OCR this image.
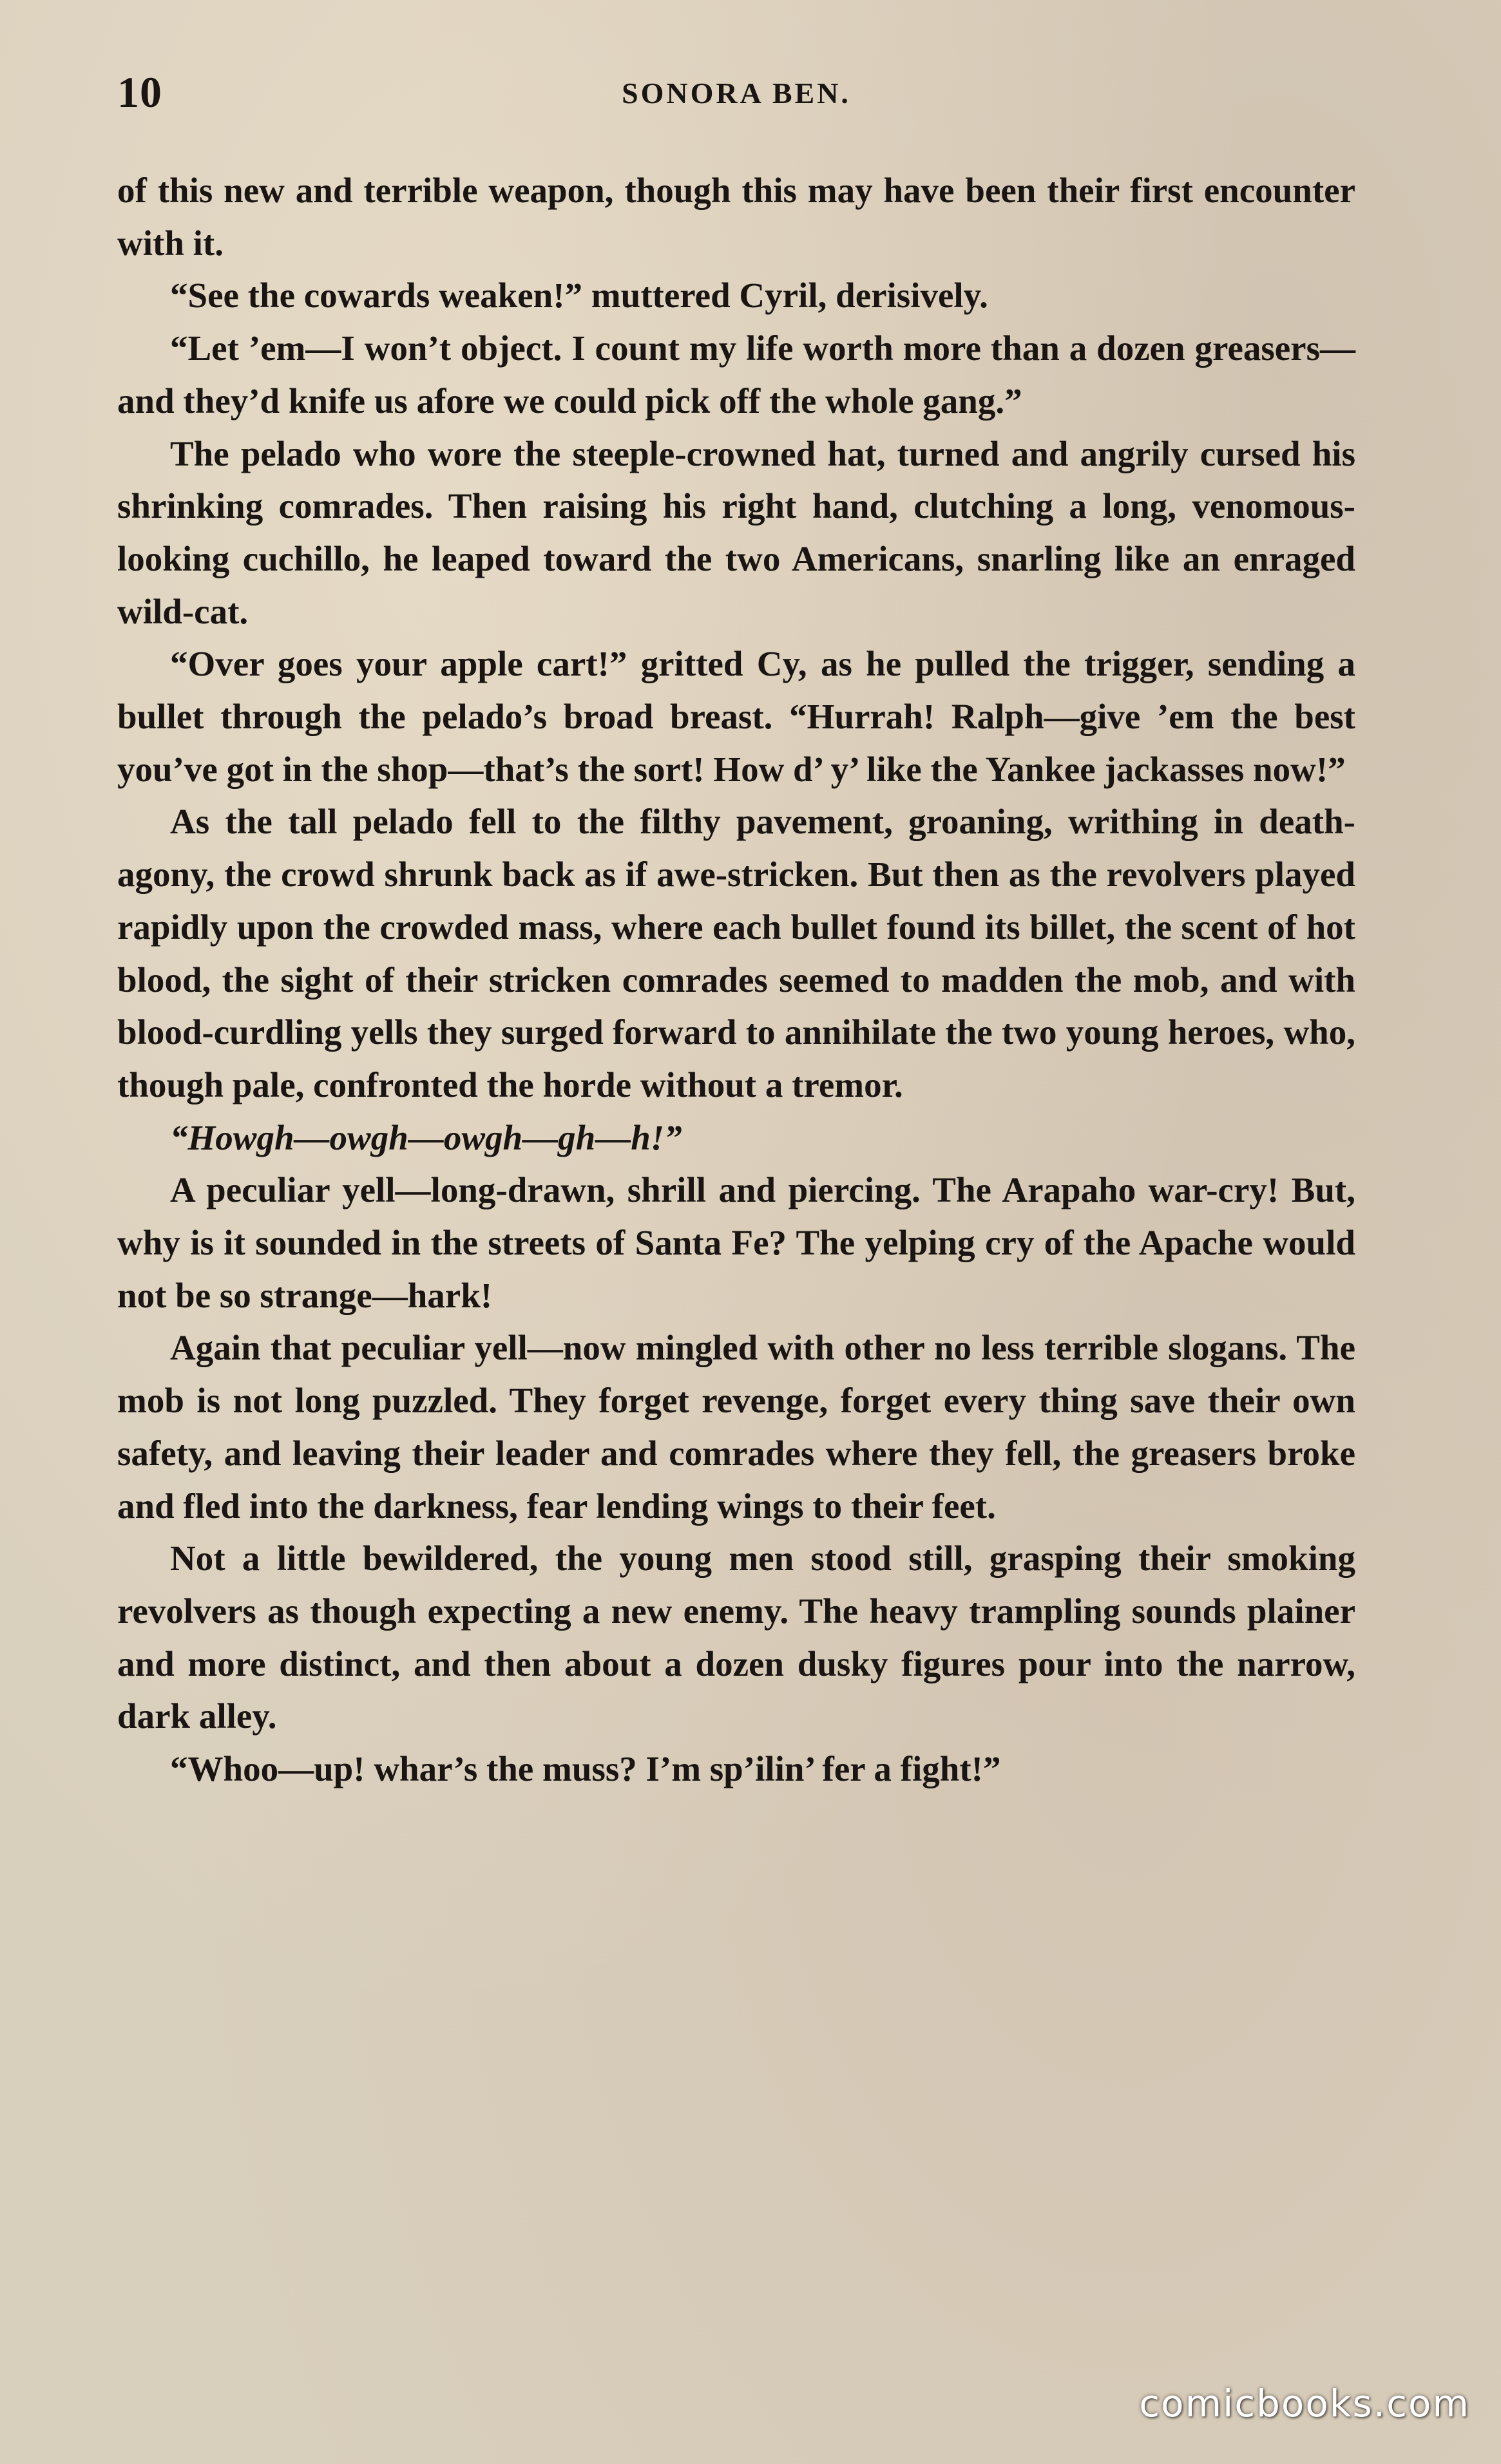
10	SONORA BEN.

of this new and terrible weapon, though this may have been their first encounter with it.

“See the cowards weaken!” muttered Cyril, derisively.

“Let ’em—I won’t object. I count my life worth more than a dozen greasers—and they’d knife us afore we could pick off the whole gang.”

The pelado who wore the steeple-crowned hat, turned and angrily cursed his shrinking comrades. Then raising his right hand, clutching a long, venomous-looking cuchillo, he leaped toward the two Americans, snarling like an enraged wild-cat.

“Over goes your apple cart!” gritted Cy, as he pulled the trigger, sending a bullet through the pelado’s broad breast. “Hurrah! Ralph—give ’em the best you’ve got in the shop—that’s the sort! How d’ y’ like the Yankee jackasses now!”

As the tall pelado fell to the filthy pavement, groaning, writhing in death-agony, the crowd shrunk back as if awe-stricken. But then as the revolvers played rapidly upon the crowded mass, where each bullet found its billet, the scent of hot blood, the sight of their stricken comrades seemed to madden the mob, and with blood-curdling yells they surged forward to annihilate the two young heroes, who, though pale, confronted the horde without a tremor.

“Howgh—owgh—owgh—gh—h!”

A peculiar yell—long-drawn, shrill and piercing. The Arapaho war-cry! But, why is it sounded in the streets of Santa Fe? The yelping cry of the Apache would not be so strange—hark!

Again that peculiar yell—now mingled with other no less terrible slogans. The mob is not long puzzled. They forget revenge, forget every thing save their own safety, and leaving their leader and comrades where they fell, the greasers broke and fled into the darkness, fear lending wings to their feet.

Not a little bewildered, the young men stood still, grasping their smoking revolvers as though expecting a new enemy. The heavy trampling sounds plainer and more distinct, and then about a dozen dusky figures pour into the narrow, dark alley.

“Whoo—up! whar’s the muss? I’m sp’ilin’ fer a fight!”

comicbooks.com
